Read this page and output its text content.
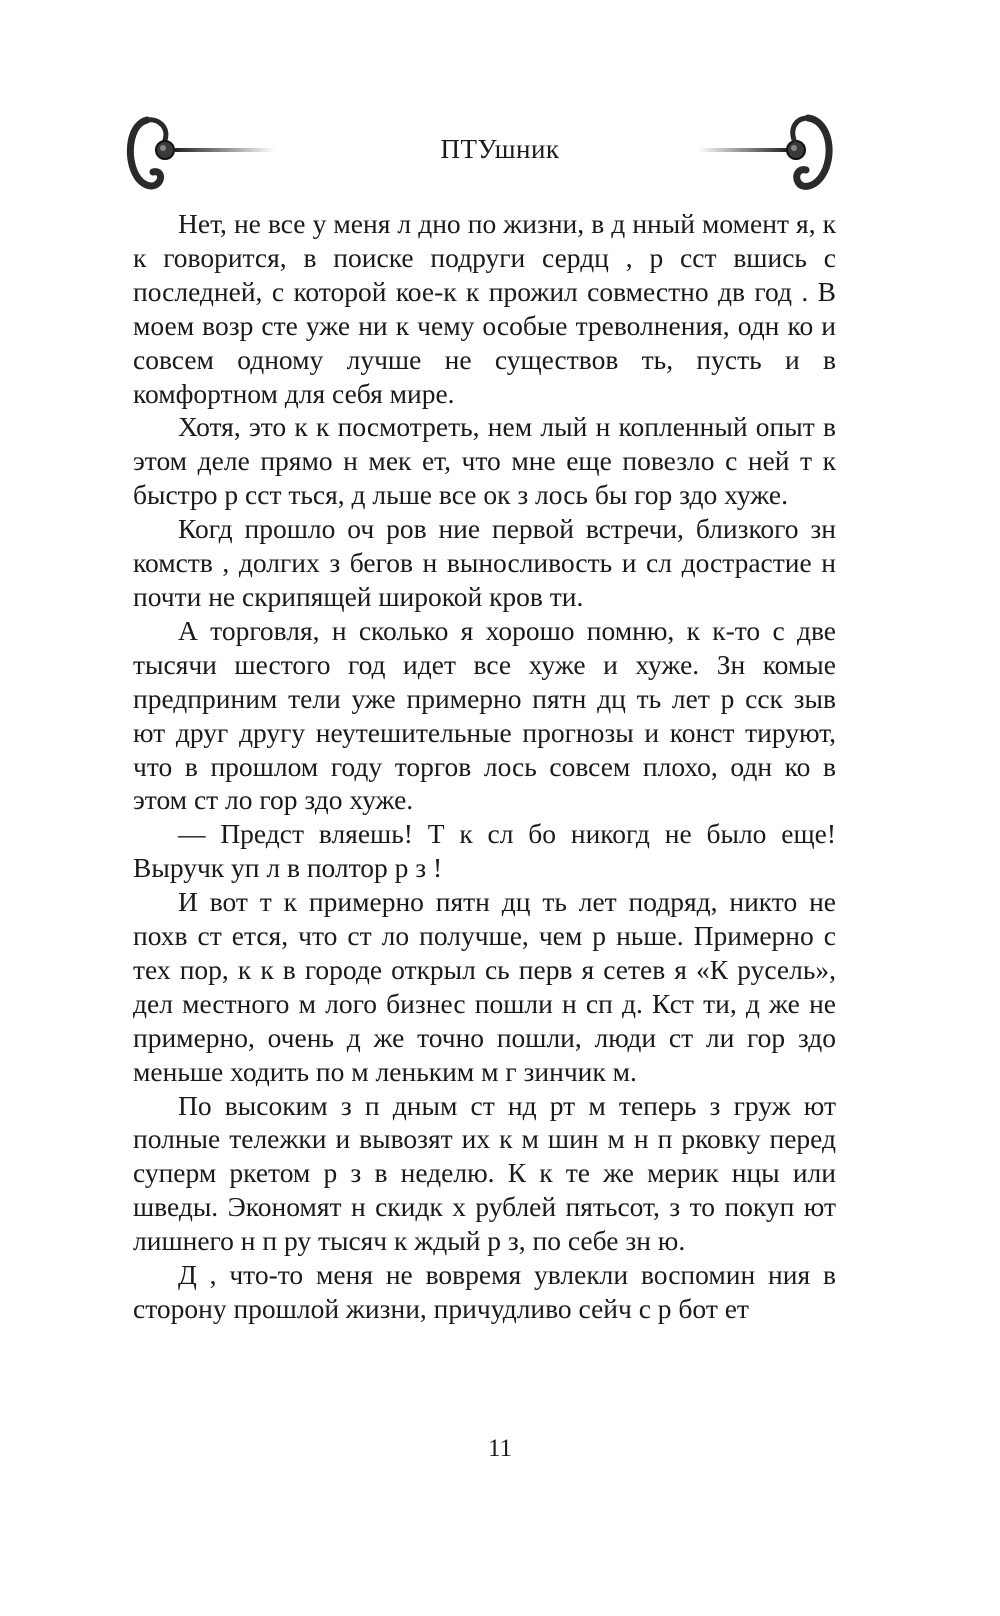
ПТУшник

Нет, не все у меня л дно по жизни, в д нный момент я, к к говорится, в поиске подруги сердц , р сст вшись с последней, с которой кое-к к прожил совместно дв год . В моем возр сте уже ни к чему особые треволнения, одн ко и совсем одному лучше не существов ть, пусть и в комфортном для себя мире.

Хотя, это к к посмотреть, нем лый н копленный опыт в этом деле прямо н мек ет, что мне еще повезло с ней т к быстро р сст ться, д льше все ок з лось бы гор здо хуже.

Когд прошло оч ров ние первой встречи, близкого зн комств , долгих з бегов н выносливость и сл дострастие н почти не скрипящей широкой кров ти.

А торговля, н сколько я хорошо помню, к к-то с две тысячи шестого год идет все хуже и хуже. Зн комые предприним тели уже примерно пятн дц ть лет р сск зыв ют друг другу неутешительные прогнозы и конст тируют, что в прошлом году торгов лось совсем плохо, одн ко в этом ст ло гор здо хуже.

— Предст вляешь! Т к сл бо никогд не было еще! Выручк уп л в полтор р з !

И вот т к примерно пятн дц ть лет подряд, никто не похв ст ется, что ст ло получше, чем р ньше. Примерно с тех пор, к к в городе открыл сь перв я сетев я «К русель», дел местного м лого бизнес пошли н сп д. Кст ти, д же не примерно, очень д же точно пошли, люди ст ли гор здо меньше ходить по м леньким м г зинчик м.

По высоким з п дным ст нд рт м теперь з груж ют полные тележки и вывозят их к м шин м н п рковку перед суперм ркетом р з в неделю. К к те же мерик нцы или шведы. Экономят н скидк х рублей пятьсот, з то покуп ют лишнего н п ру тысяч к ждый р з, по себе зн ю.

Д , что-то меня не вовремя увлекли воспомин ния в сторону прошлой жизни, причудливо сейч с р бот ет

11
